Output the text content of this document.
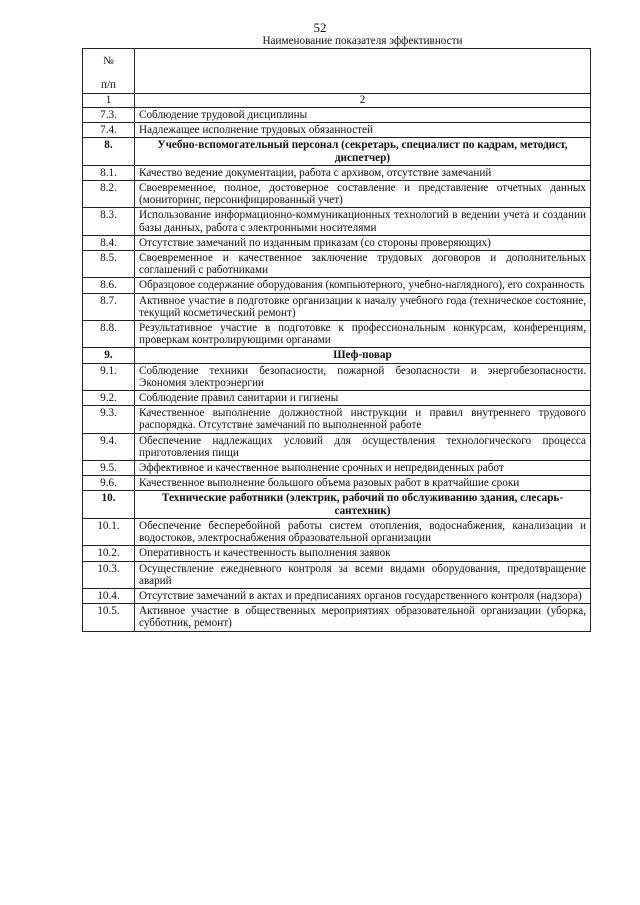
52
№
п/п	Наименование показателя эффективности

1	2
7.3.	Соблюдение трудовой дисциплины
7.4.	Надлежащее исполнение трудовых обязанностей
8.	Учебно-вспомогательный персонал (секретарь, специалист по кадрам, методист, диспетчер)
8.1.	Качество ведение документации, работа с архивом, отсутствие замечаний
8.2.	Своевременное, полное, достоверное составление и представление отчетных данных (мониторинг, персонифицированный учет)
8.3.	Использование информационно-коммуникационных технологий в ведении учета и создании базы данных, работа с электронными носителями
8.4.	Отсутствие замечаний по изданным приказам (со стороны проверяющих)
8.5.	Своевременное и качественное заключение трудовых договоров и дополнительных соглашений с работниками
8.6.	Образцовое содержание оборудования (компьютерного, учебно-наглядного), его сохранность
8.7.	Активное участие в подготовке организации к началу учебного года (техническое состояние, текущий косметический ремонт)
8.8.	Результативное участие в подготовке к профессиональным конкурсам, конференциям, проверкам контролирующими органами
9.	Шеф-повар
9.1.	Соблюдение техники безопасности, пожарной безопасности и энергобезопасности. Экономия электроэнергии
9.2.	Соблюдение правил санитарии и гигиены
9.3.	Качественное выполнение должностной инструкции и правил внутреннего трудового распорядка. Отсутствие замечаний по выполненной работе
9.4.	Обеспечение надлежащих условий для осуществления технологического процесса приготовления пищи
9.5.	Эффективное и качественное выполнение срочных и непредвиденных работ
9.6.	Качественное выполнение большого объема разовых работ в кратчайшие сроки
10.	Технические работники (электрик, рабочий по обслуживанию здания, слесарь-сантехник)
10.1.	Обеспечение бесперебойной работы систем отопления, водоснабжения, канализации и водостоков, электроснабжения образовательной организации
10.2.	Оперативность и качественность выполнения заявок
10.3.	Осуществление ежедневного контроля за всеми видами оборудования, предотвращение аварий
10.4.	Отсутствие замечаний в актах и предписаниях органов государственного контроля (надзора)
10.5.	Активное участие в общественных мероприятиях образовательной организации (уборка, субботник, ремонт)
